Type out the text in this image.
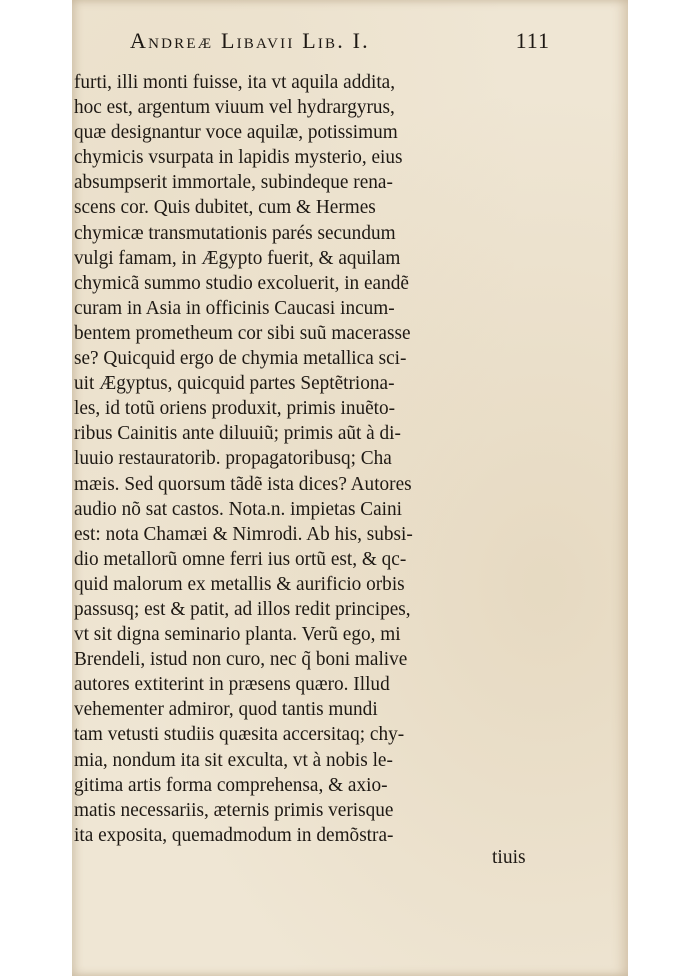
Andreæ Libavii Lib. I.	111
furti, illi monti fuisse, ita vt aquila addita,
hoc est, argentum viuum vel hydrargyrus,
quæ designantur voce aquilæ, potissimum
chymicis vsurpata in lapidis mysterio, eius
absumpserit immortale, subindeque rena-
scens cor. Quis dubitet, cum & Hermes
chymicæ transmutationis parés secundum
vulgi famam, in Ægypto fuerit, & aquilam
chymicã summo studio excoluerit, in eandẽ
curam in Asia in officinis Caucasi incum-
bentem prometheum cor sibi suũ macerasse
se? Quicquid ergo de chymia metallica sci-
uit Ægyptus, quicquid partes Septẽtriona-
les, id totũ oriens produxit, primis inuẽto-
ribus Cainitis ante diluuiũ; primis aũt à di-
luuio restauratorib. propagatoribusq; Cha
mæis. Sed quorsum tãdẽ ista dices? Autores
audio nõ sat castos. Nota.n. impietas Caini
est: nota Chamæi & Nimrodi. Ab his, subsi-
dio metallorũ omne ferri ius ortũ est, & qc-
quid malorum ex metallis & aurificio orbis
passusq; est & patit, ad illos redit principes,
vt sit digna seminario planta. Verũ ego, mi
Brendeli, istud non curo, nec q̃ boni malive
autores extiterint in præsens quæro. Illud
vehementer admiror, quod tantis mundi
tam vetusti studiis quæsita accersitaq; chy-
mia, nondum ita sit exculta, vt à nobis le-
gitima artis forma comprehensa, & axio-
matis necessariis, æternis primis verisque
ita exposita, quemadmodum in demõstra-
tiuis
